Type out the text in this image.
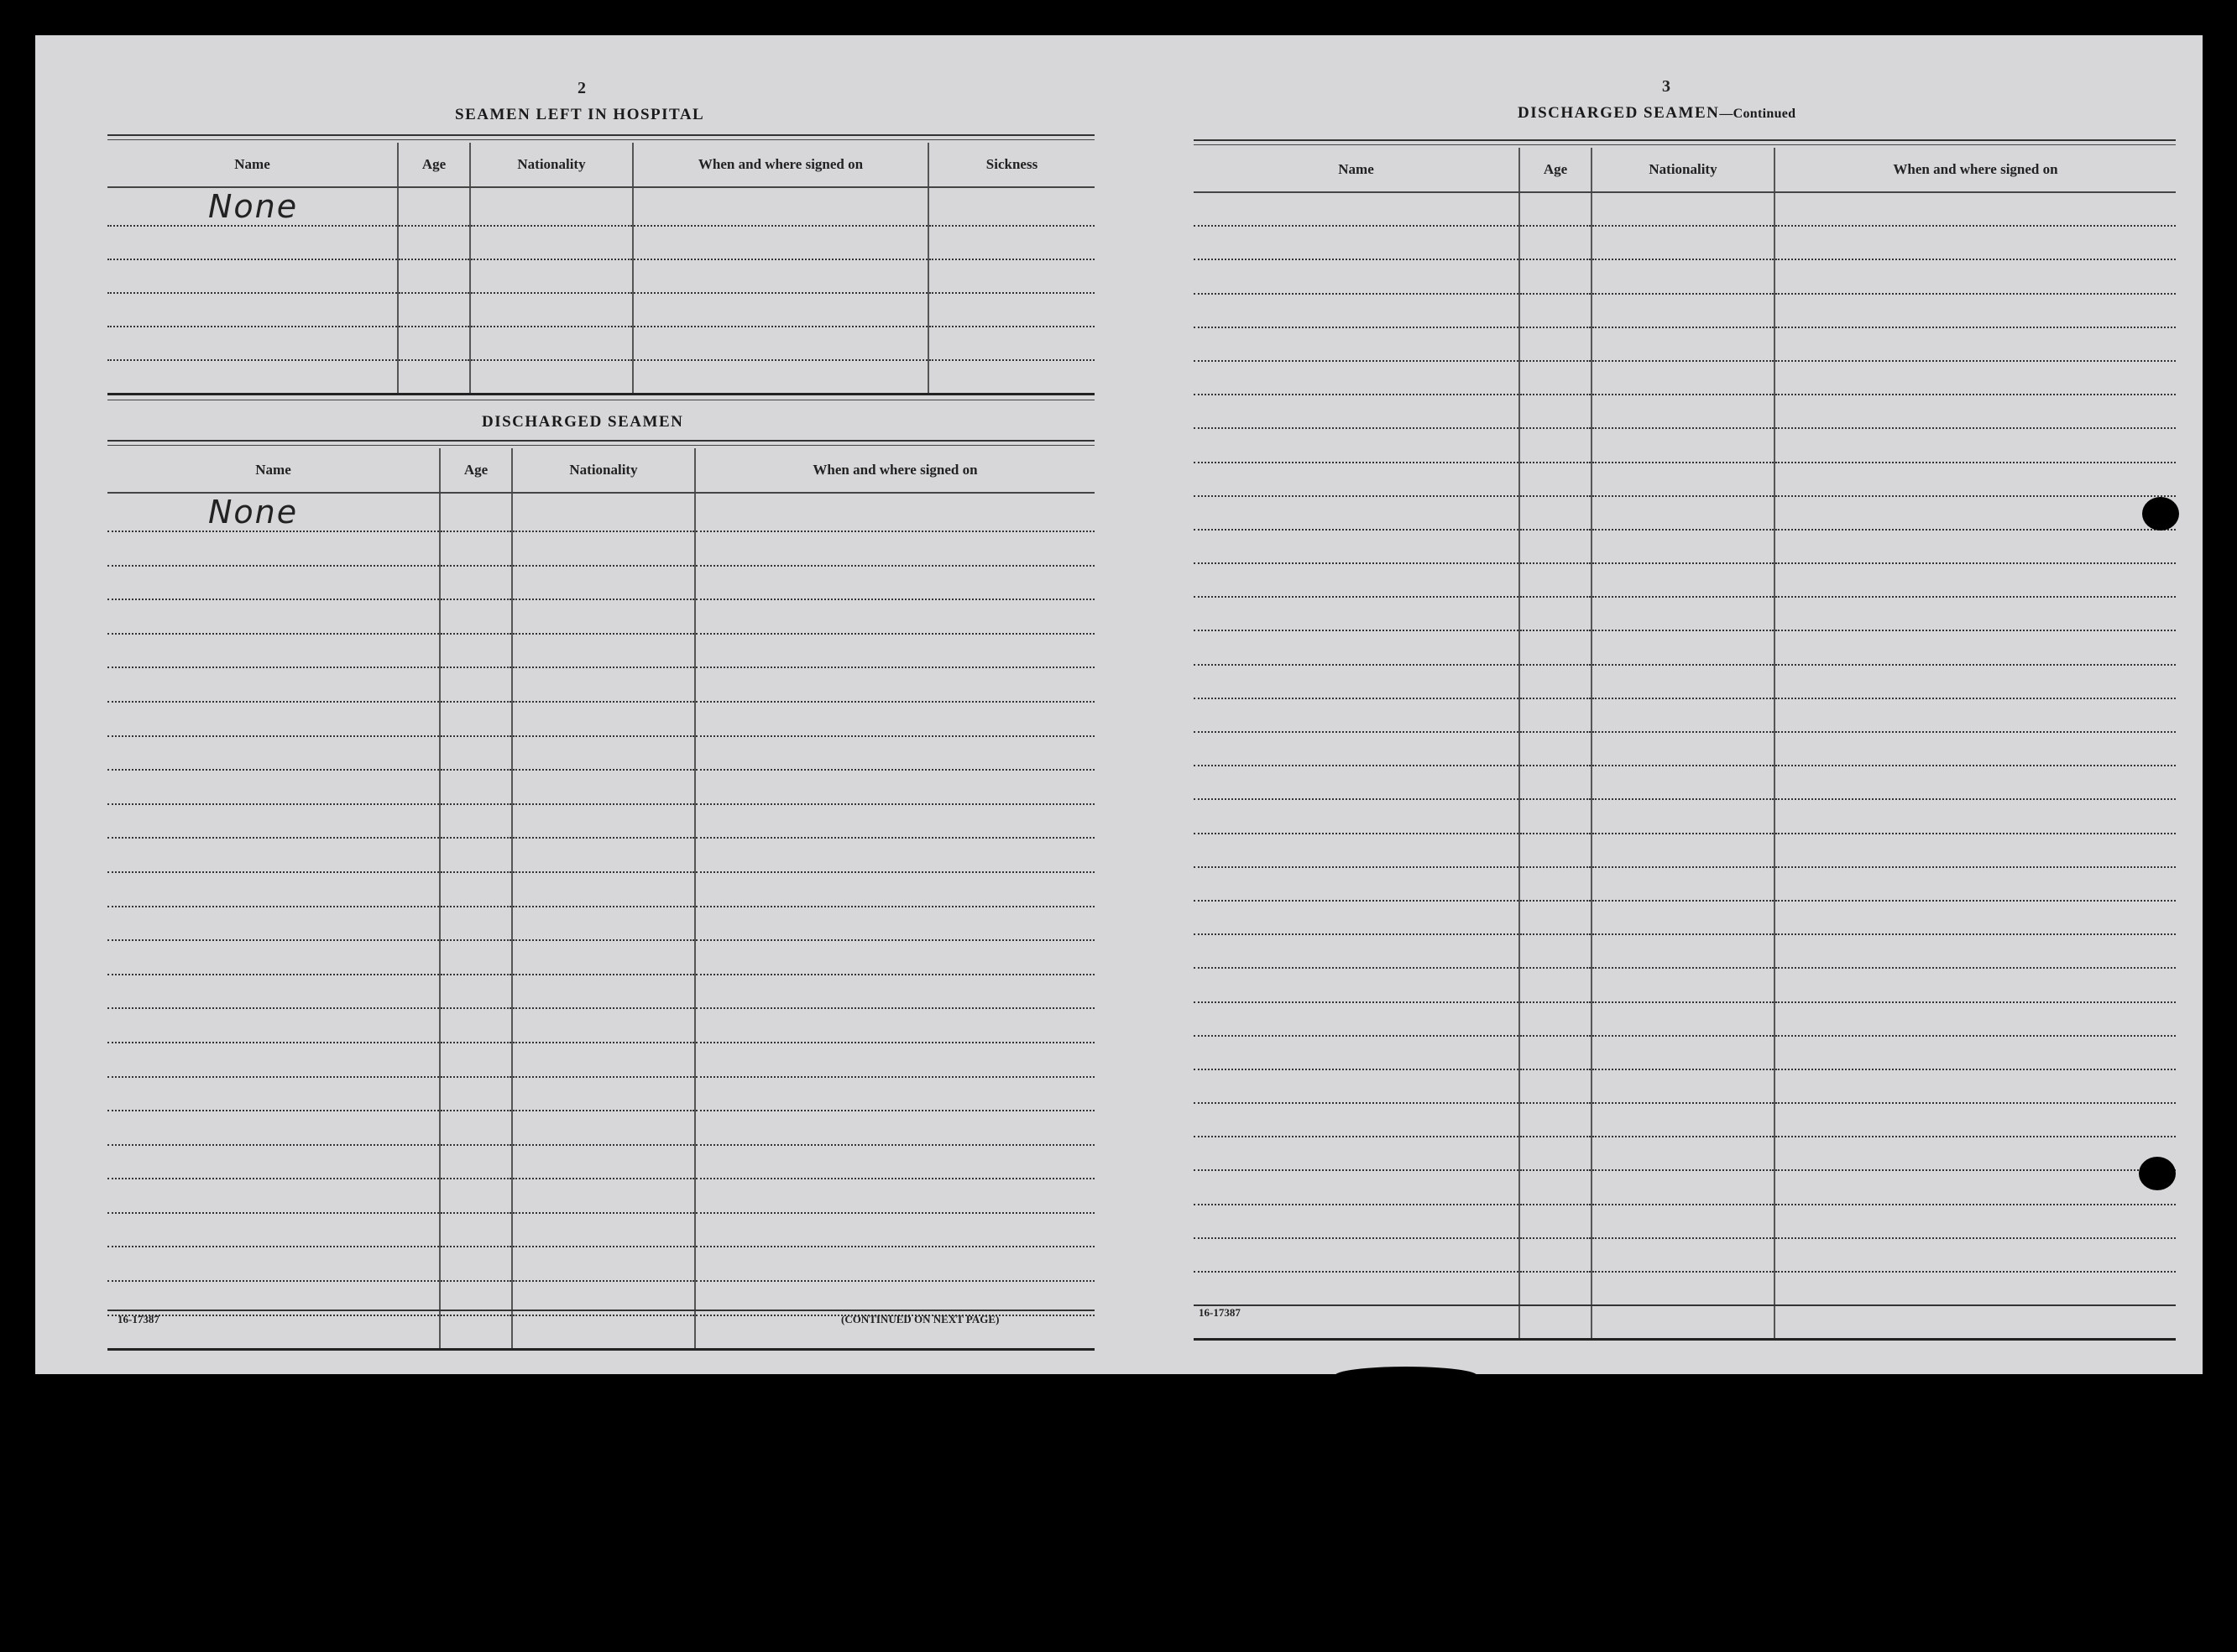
2
SEAMEN LEFT IN HOSPITAL
Name	Age	Nationality	When and where signed on	Sickness
None				

DISCHARGED SEAMEN
Name	Age	Nationality	When and where signed on
None			

16-17387	(CONTINUED ON NEXT PAGE)
3
DISCHARGED SEAMEN—Continued
Name	Age	Nationality	When and where signed on

16-17387
